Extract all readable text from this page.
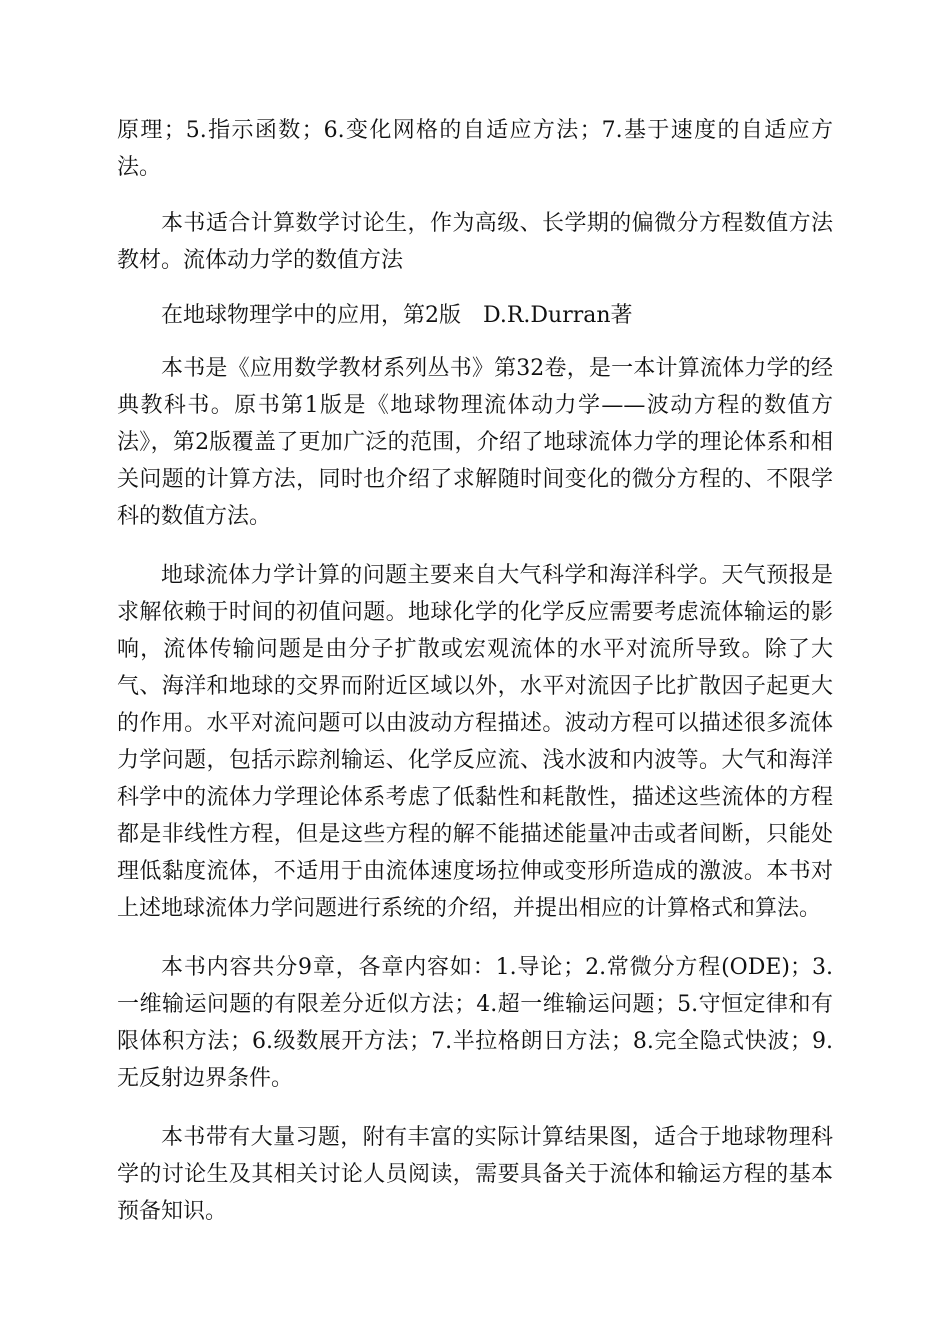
原理；5.指示函数；6.变化网格的自适应方法；7.基于速度的自适应方法。

本书适合计算数学讨论生，作为高级、长学期的偏微分方程数值方法教材。流体动力学的数值方法

在地球物理学中的应用，第2版　D.R.Durran著

本书是《应用数学教材系列丛书》第32卷，是一本计算流体力学的经典教科书。原书第1版是《地球物理流体动力学——波动方程的数值方法》，第2版覆盖了更加广泛的范围，介绍了地球流体力学的理论体系和相关问题的计算方法，同时也介绍了求解随时间变化的微分方程的、不限学科的数值方法。

地球流体力学计算的问题主要来自大气科学和海洋科学。天气预报是求解依赖于时间的初值问题。地球化学的化学反应需要考虑流体输运的影响，流体传输问题是由分子扩散或宏观流体的水平对流所导致。除了大气、海洋和地球的交界而附近区域以外，水平对流因子比扩散因子起更大的作用。水平对流问题可以由波动方程描述。波动方程可以描述很多流体力学问题，包括示踪剂输运、化学反应流、浅水波和内波等。大气和海洋科学中的流体力学理论体系考虑了低黏性和耗散性，描述这些流体的方程都是非线性方程，但是这些方程的解不能描述能量冲击或者间断，只能处理低黏度流体，不适用于由流体速度场拉伸或变形所造成的激波。本书对上述地球流体力学问题进行系统的介绍，并提出相应的计算格式和算法。

本书内容共分9章，各章内容如：1.导论；2.常微分方程(ODE)；3.一维输运问题的有限差分近似方法；4.超一维输运问题；5.守恒定律和有限体积方法；6.级数展开方法；7.半拉格朗日方法；8.完全隐式快波；9.无反射边界条件。

本书带有大量习题，附有丰富的实际计算结果图，适合于地球物理科学的讨论生及其相关讨论人员阅读，需要具备关于流体和输运方程的基本预备知识。
